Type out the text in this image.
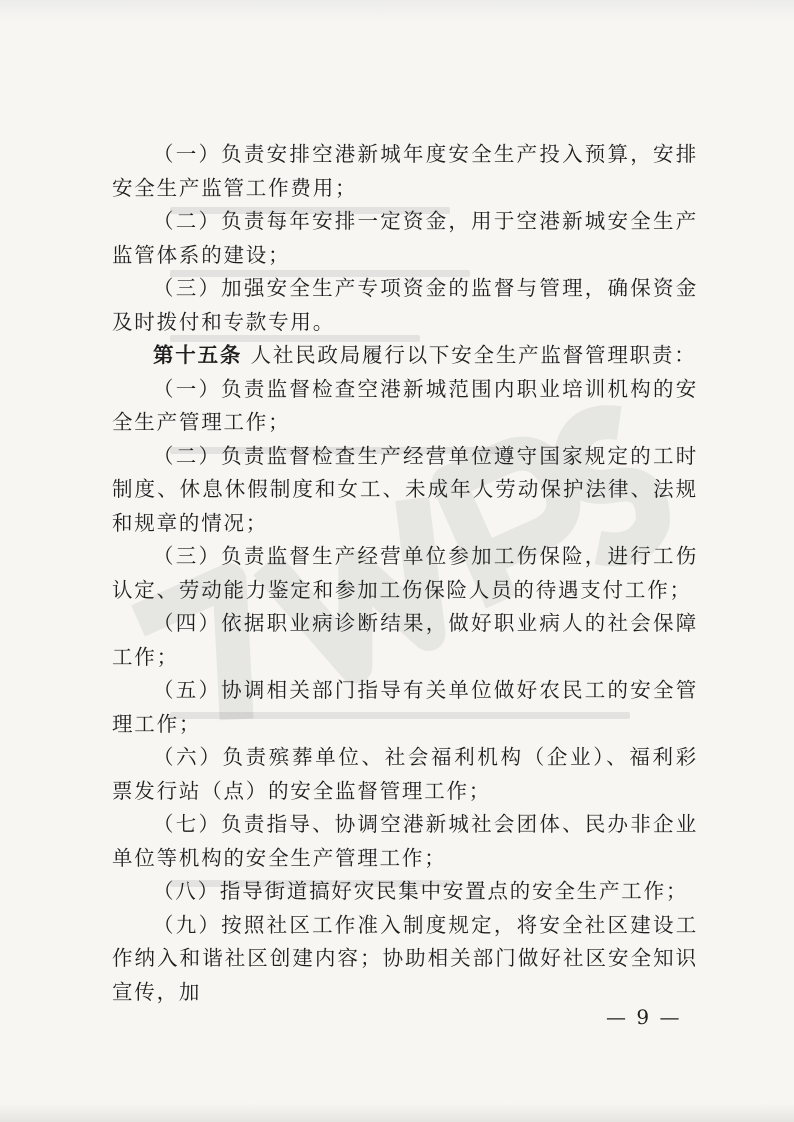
（一）负责安排空港新城年度安全生产投入预算，安排安全生产监管工作费用；

（二）负责每年安排一定资金，用于空港新城安全生产监管体系的建设；

（三）加强安全生产专项资金的监督与管理，确保资金及时拨付和专款专用。

第十五条 人社民政局履行以下安全生产监督管理职责：

（一）负责监督检查空港新城范围内职业培训机构的安全生产管理工作；

（二）负责监督检查生产经营单位遵守国家规定的工时制度、休息休假制度和女工、未成年人劳动保护法律、法规和规章的情况；

（三）负责监督生产经营单位参加工伤保险，进行工伤认定、劳动能力鉴定和参加工伤保险人员的待遇支付工作；

（四）依据职业病诊断结果，做好职业病人的社会保障工作；

（五）协调相关部门指导有关单位做好农民工的安全管理工作；

（六）负责殡葬单位、社会福利机构（企业）、福利彩票发行站（点）的安全监督管理工作；

（七）负责指导、协调空港新城社会团体、民办非企业单位等机构的安全生产管理工作；

（八）指导街道搞好灾民集中安置点的安全生产工作；

（九）按照社区工作准入制度规定，将安全社区建设工作纳入和谐社区创建内容；协助相关部门做好社区安全知识宣传，加

— 9 —
